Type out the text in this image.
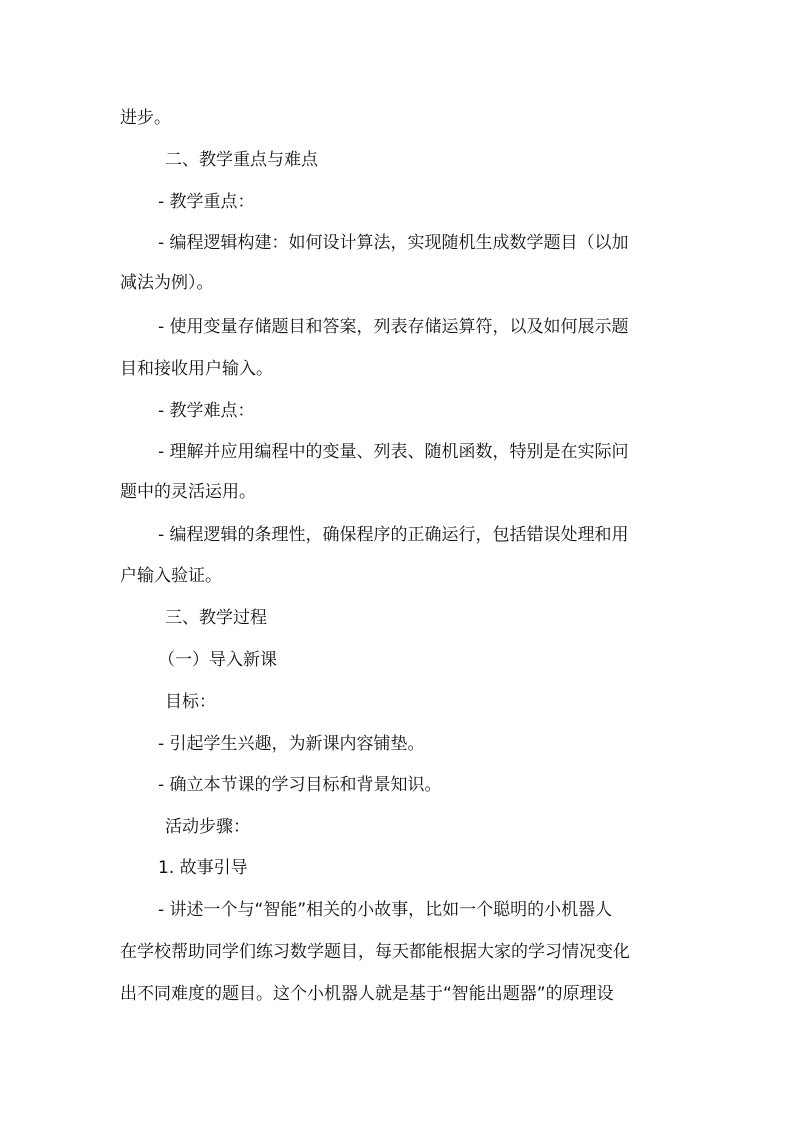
进步。
二、教学重点与难点
- 教学重点：
- 编程逻辑构建：如何设计算法，实现随机生成数学题目（以加
减法为例）。
- 使用变量存储题目和答案，列表存储运算符，以及如何展示题
目和接收用户输入。
- 教学难点：
- 理解并应用编程中的变量、列表、随机函数，特别是在实际问
题中的灵活运用。
- 编程逻辑的条理性，确保程序的正确运行，包括错误处理和用
户输入验证。
三、教学过程
（一）导入新课
目标：
- 引起学生兴趣，为新课内容铺垫。
- 确立本节课的学习目标和背景知识。
活动步骤：
1. 故事引导
- 讲述一个与“智能”相关的小故事，比如一个聪明的小机器人
在学校帮助同学们练习数学题目，每天都能根据大家的学习情况变化
出不同难度的题目。这个小机器人就是基于“智能出题器”的原理设
